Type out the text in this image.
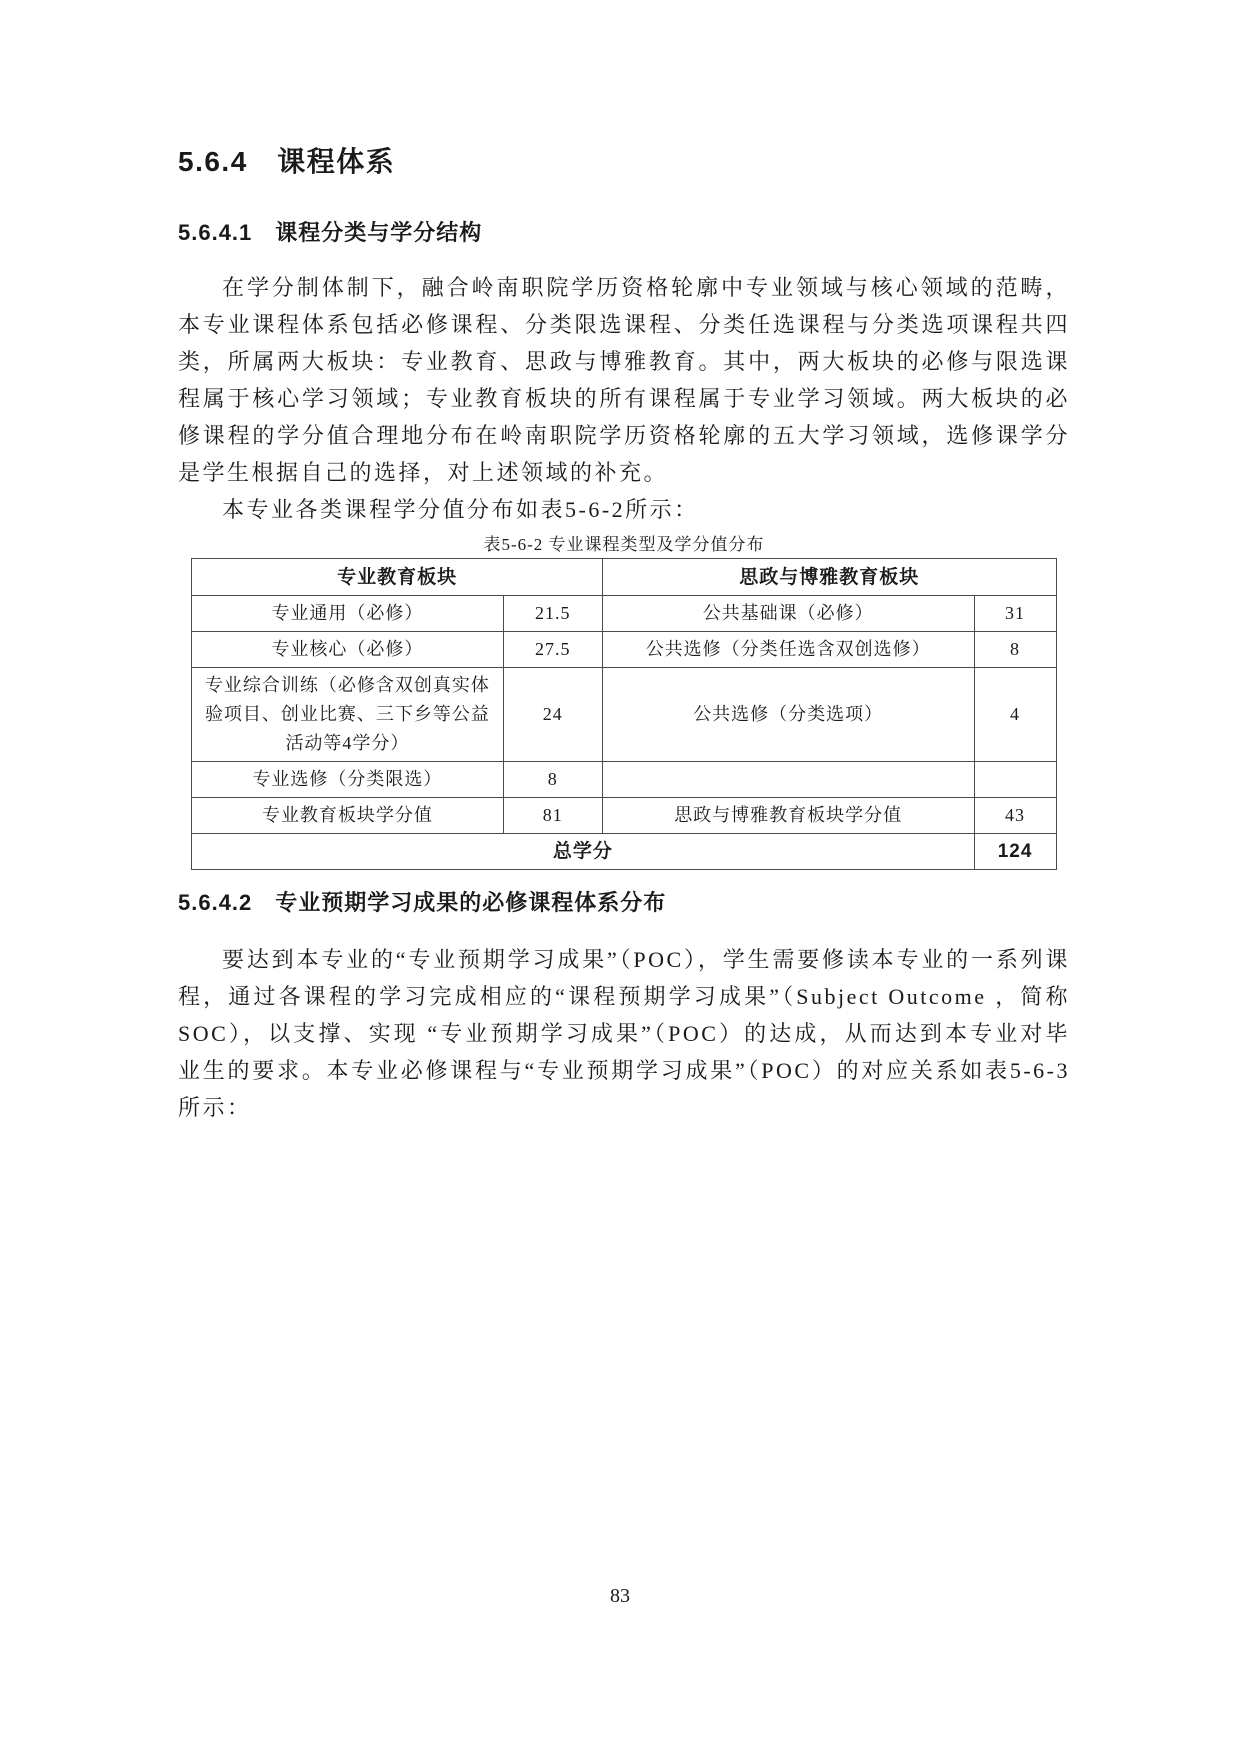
5.6.4　课程体系
5.6.4.1　课程分类与学分结构

在学分制体制下，融合岭南职院学历资格轮廓中专业领域与核心领域的范畴，本专业课程体系包括必修课程、分类限选课程、分类任选课程与分类选项课程共四类，所属两大板块：专业教育、思政与博雅教育。其中，两大板块的必修与限选课程属于核心学习领域；专业教育板块的所有课程属于专业学习领域。两大板块的必修课程的学分值合理地分布在岭南职院学历资格轮廓的五大学习领域，选修课学分是学生根据自己的选择，对上述领域的补充。

本专业各类课程学分值分布如表5-6-2所示：

表5-6-2 专业课程类型及学分值分布
专业教育板块		思政与博雅教育板块	
专业通用（必修）	21.5	公共基础课（必修）	31
专业核心（必修）	27.5	公共选修（分类任选含双创选修）	8
专业综合训练（必修含双创真实体验项目、创业比赛、三下乡等公益活动等4学分）	24	公共选修（分类选项）	4
专业选修（分类限选）	8		
专业教育板块学分值	81	思政与博雅教育板块学分值	43
总学分			124
5.6.4.2　专业预期学习成果的必修课程体系分布

要达到本专业的“专业预期学习成果”（POC），学生需要修读本专业的一系列课程，通过各课程的学习完成相应的“课程预期学习成果”（Subject Outcome ，简称SOC），以支撑、实现 “专业预期学习成果”（POC）的达成，从而达到本专业对毕业生的要求。本专业必修课程与“专业预期学习成果”（POC）的对应关系如表5-6-3所示：

83
